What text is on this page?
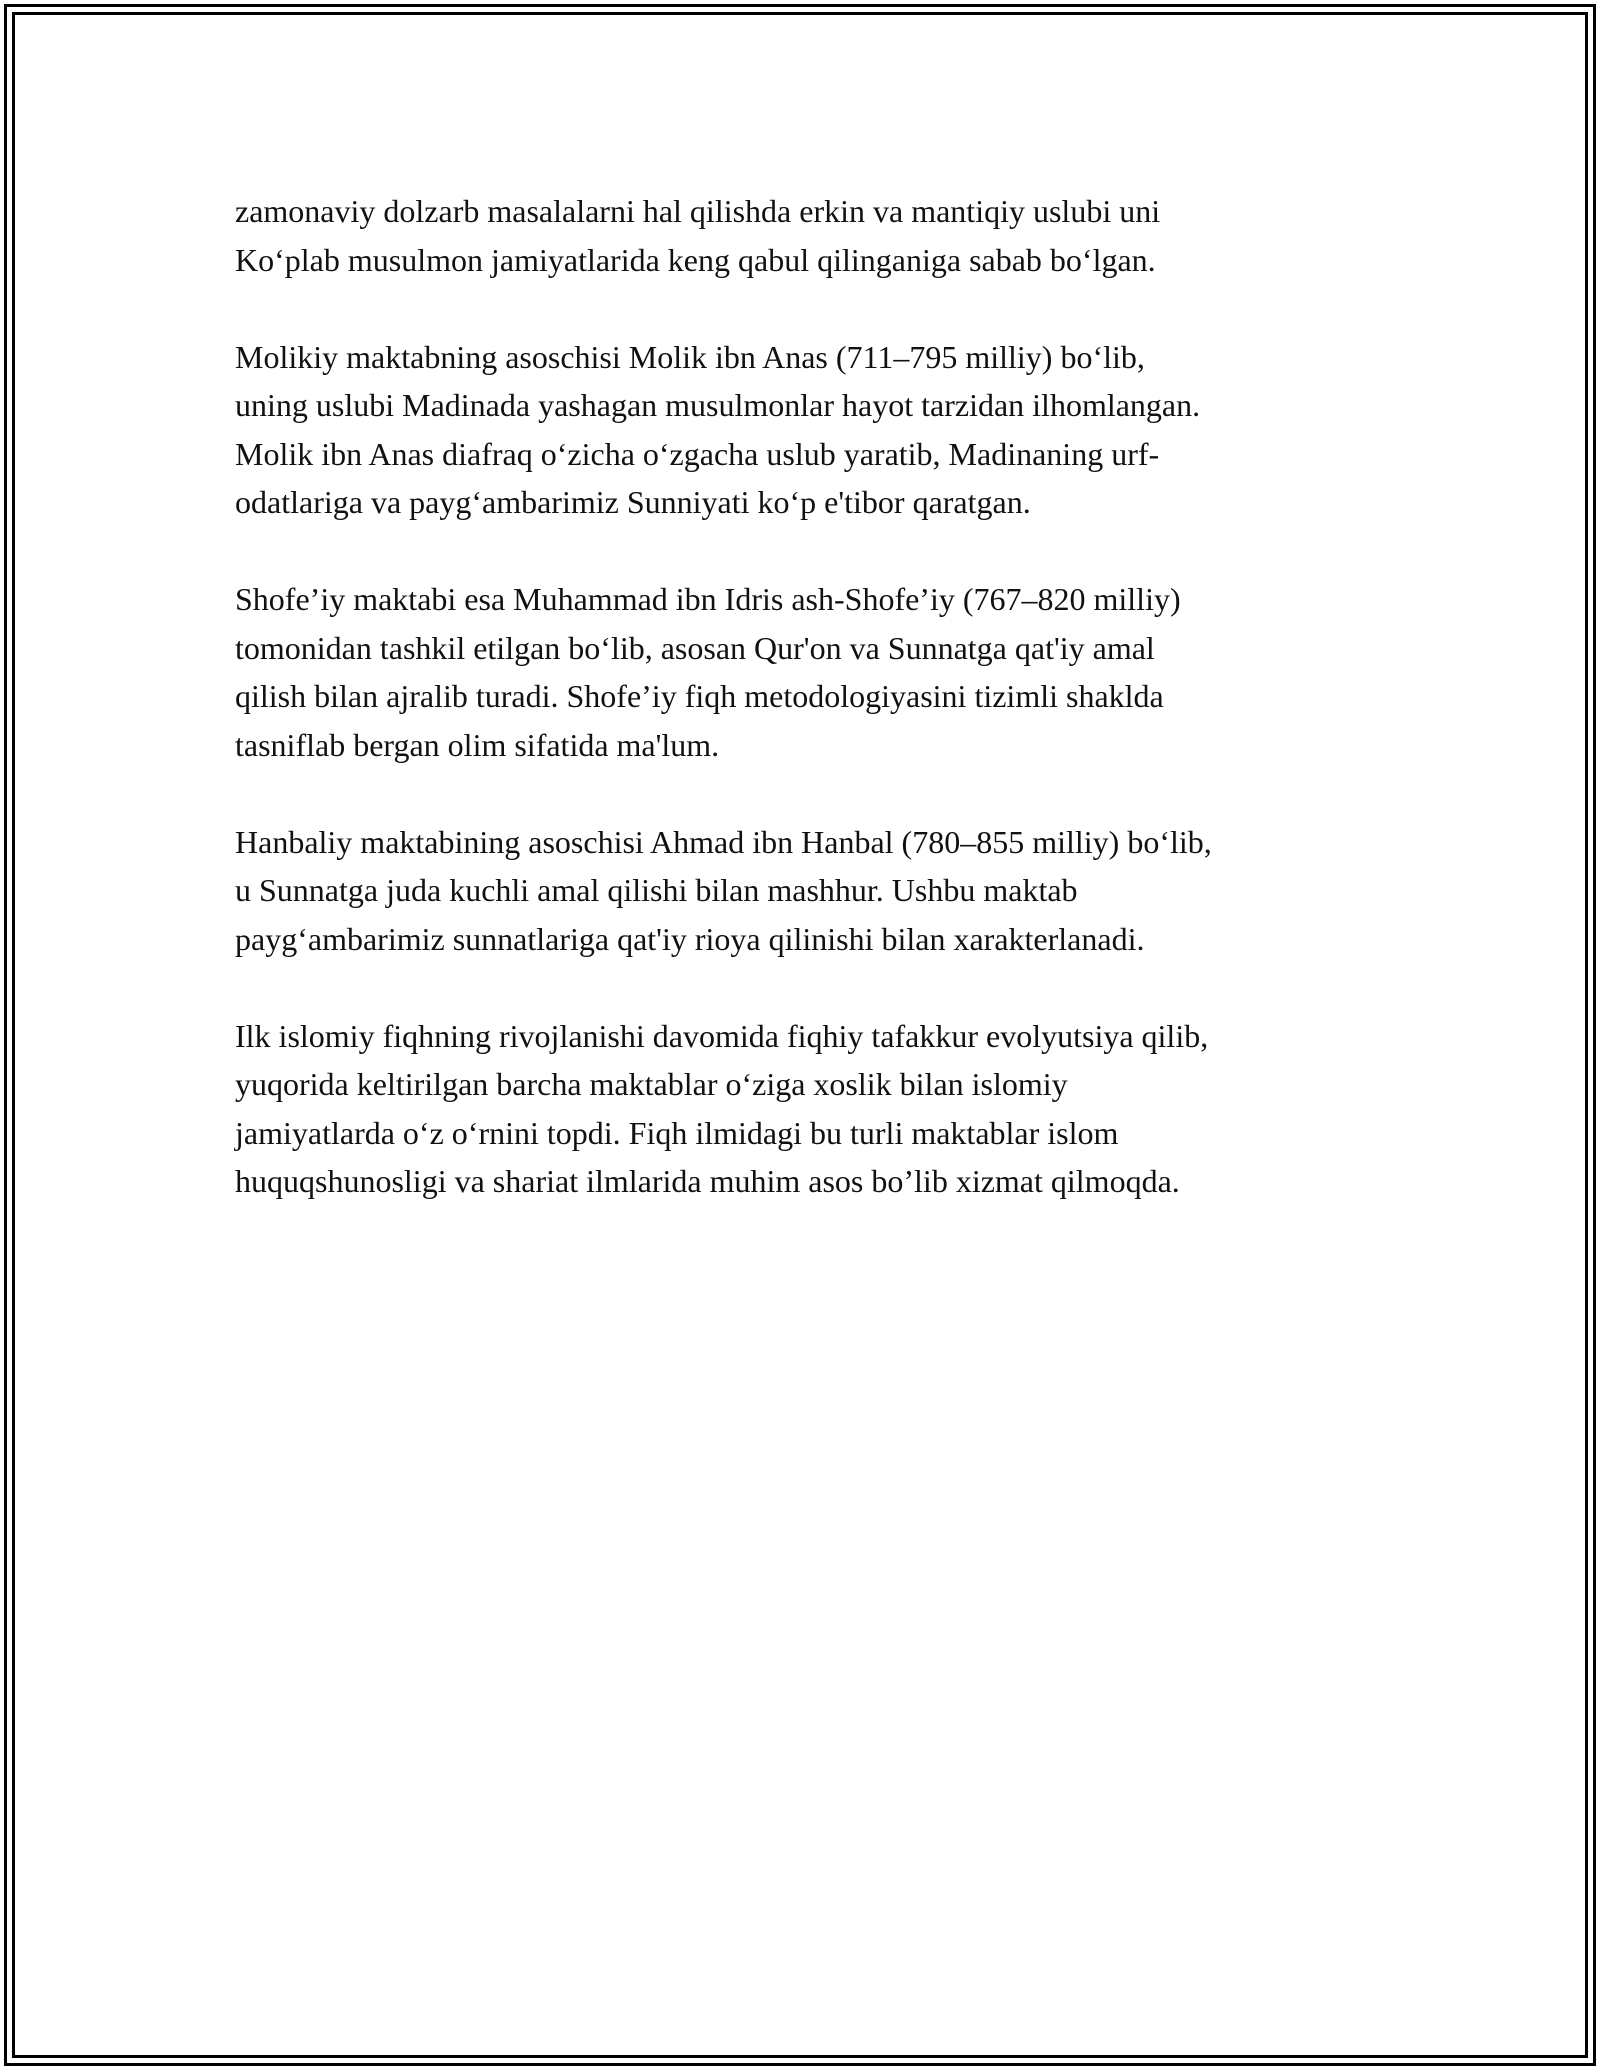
zamonaviy dolzarb masalalarni hal qilishda erkin va mantiqiy uslubi uni
Ko‘plab musulmon jamiyatlarida keng qabul qilinganiga sabab bo‘lgan.

Molikiy maktabning asoschisi Molik ibn Anas (711–795 milliy) bo‘lib,
uning uslubi Madinada yashagan musulmonlar hayot tarzidan ilhomlangan.
Molik ibn Anas diafraq o‘zicha o‘zgacha uslub yaratib, Madinaning urf-
odatlariga va payg‘ambarimiz Sunniyati ko‘p e'tibor qaratgan.

Shofe’iy maktabi esa Muhammad ibn Idris ash-Shofe’iy (767–820 milliy)
tomonidan tashkil etilgan bo‘lib, asosan Qur'on va Sunnatga qat'iy amal
qilish bilan ajralib turadi. Shofe’iy fiqh metodologiyasini tizimli shaklda
tasniflab bergan olim sifatida ma'lum.

Hanbaliy maktabining asoschisi Ahmad ibn Hanbal (780–855 milliy) bo‘lib,
u Sunnatga juda kuchli amal qilishi bilan mashhur. Ushbu maktab
payg‘ambarimiz sunnatlariga qat'iy rioya qilinishi bilan xarakterlanadi.

Ilk islomiy fiqhning rivojlanishi davomida fiqhiy tafakkur evolyutsiya qilib,
yuqorida keltirilgan barcha maktablar o‘ziga xoslik bilan islomiy
jamiyatlarda o‘z o‘rnini topdi. Fiqh ilmidagi bu turli maktablar islom
huquqshunosligi va shariat ilmlarida muhim asos bo’lib xizmat qilmoqda.
